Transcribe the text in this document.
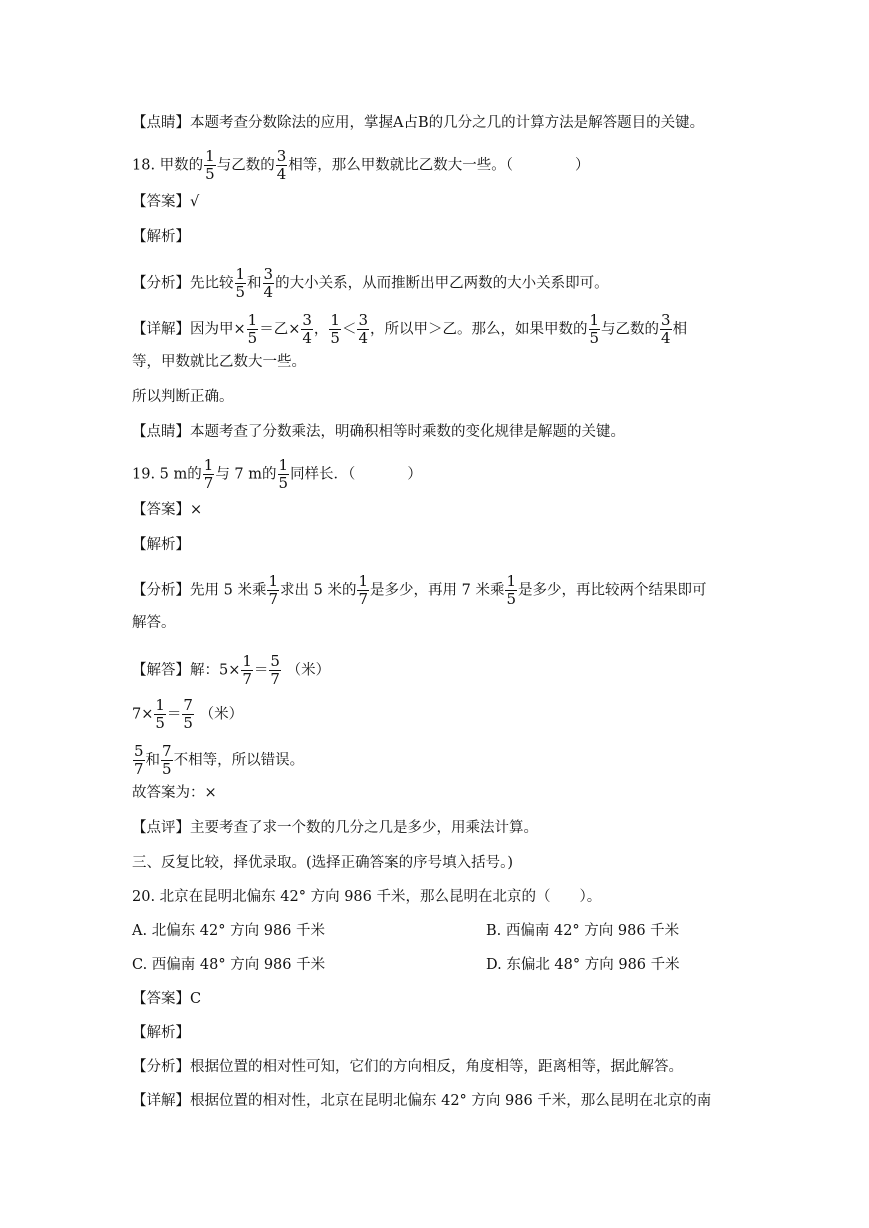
【点睛】本题考查分数除法的应用，掌握A占B的几分之几的计算方法是解答题目的关键。
18. 甲数的 $\frac{1}{5}$ 与乙数的 $\frac{3}{4}$ 相等，那么甲数就比乙数大一些。（	）
【答案】√
【解析】
【分析】先比较 $\frac{1}{5}$ 和 $\frac{3}{4}$ 的大小关系，从而推断出甲乙两数的大小关系即可。
【详解】因为甲× $\frac{1}{5}$ ＝乙× $\frac{3}{4}$ ， $\frac{1}{5} < \frac{3}{4}$ ，所以甲＞乙。那么，如果甲数的 $\frac{1}{5}$ 与乙数的 $\frac{3}{4}$ 相
等，甲数就比乙数大一些。
所以判断正确。
【点睛】本题考查了分数乘法，明确积相等时乘数的变化规律是解题的关键。
19. 5 m的 $\frac{1}{7}$ 与 7 m的 $\frac{1}{5}$ 同样长．（	）
【答案】×
【解析】
【分析】先用 5 米乘 $\frac{1}{7}$ 求出 5 米的 $\frac{1}{7}$ 是多少，再用 7 米乘 $\frac{1}{5}$ 是多少，再比较两个结果即可
解答。
【解答】解：$5\times \frac{1}{7} = \frac{5}{7}$ （米）
$7\times \frac{1}{5} = \frac{7}{5}$ （米）
$\frac{5}{7}$ 和 $\frac{7}{5}$ 不相等，所以错误。
故答案为：×
【点评】主要考查了求一个数的几分之几是多少，用乘法计算。
三、反复比较，择优录取。(选择正确答案的序号填入括号。)
20. 北京在昆明北偏东 42° 方向 986 千米，那么昆明在北京的（　　）。
A. 北偏东 42° 方向 986 千米	B. 西偏南 42° 方向 986 千米
C. 西偏南 48° 方向 986 千米	D. 东偏北 48° 方向 986 千米
【答案】C
【解析】
【分析】根据位置的相对性可知，它们的方向相反，角度相等，距离相等，据此解答。
【详解】根据位置的相对性，北京在昆明北偏东 42° 方向 986 千米，那么昆明在北京的南
